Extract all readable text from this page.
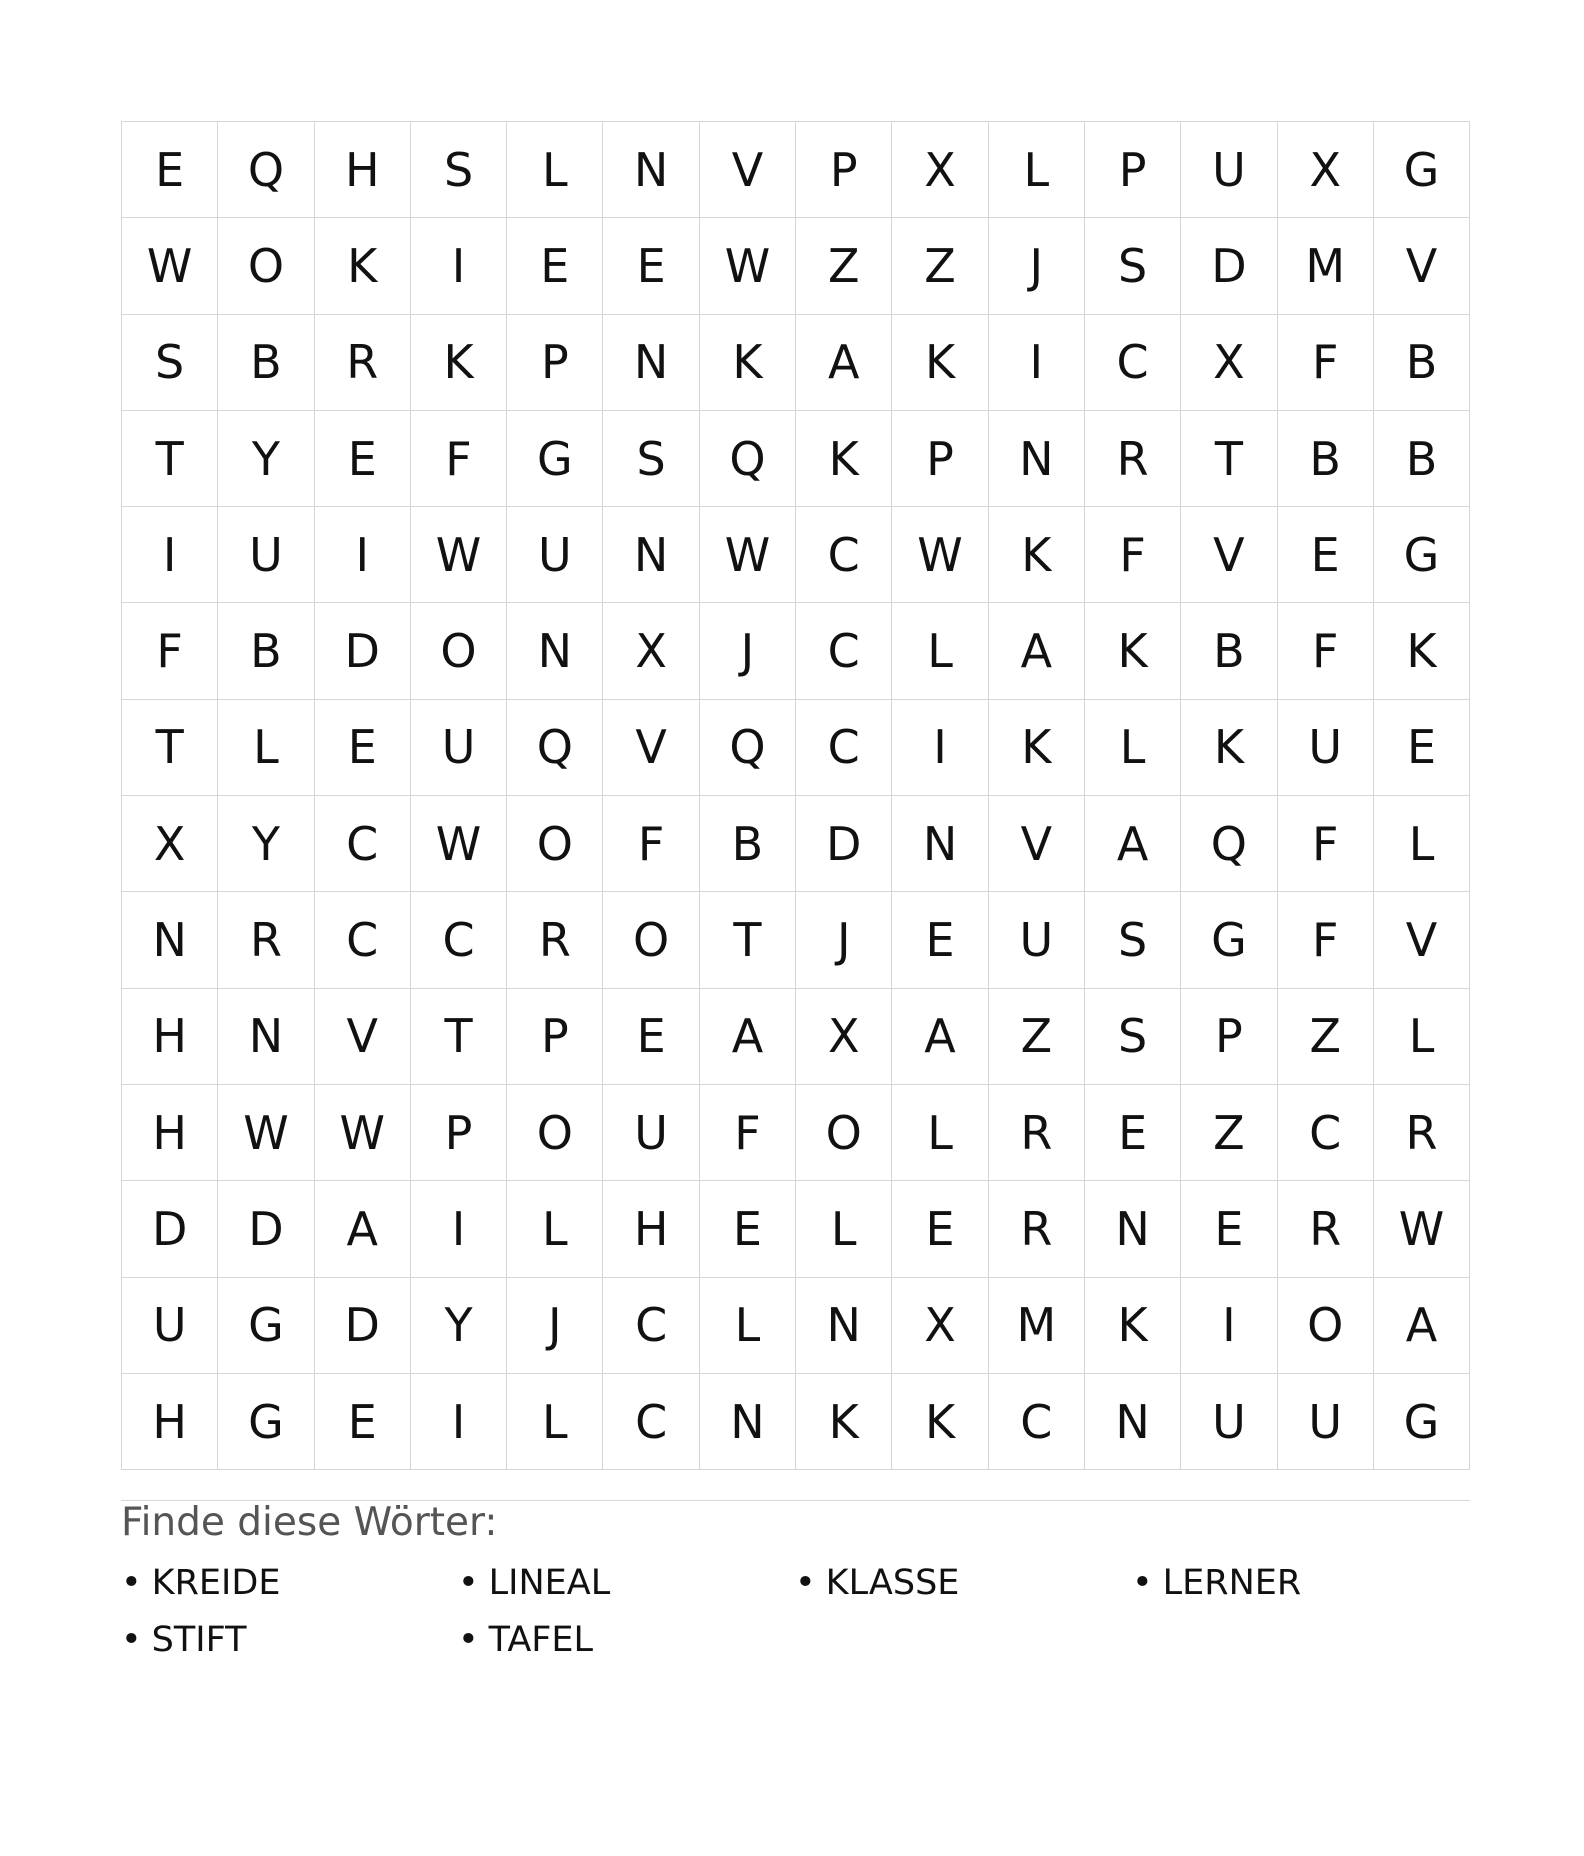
E	Q	H	S	L	N	V	P	X	L	P	U	X	G
W	O	K	I	E	E	W	Z	Z	J	S	D	M	V
S	B	R	K	P	N	K	A	K	I	C	X	F	B
T	Y	E	F	G	S	Q	K	P	N	R	T	B	B
I	U	I	W	U	N	W	C	W	K	F	V	E	G
F	B	D	O	N	X	J	C	L	A	K	B	F	K
T	L	E	U	Q	V	Q	C	I	K	L	K	U	E
X	Y	C	W	O	F	B	D	N	V	A	Q	F	L
N	R	C	C	R	O	T	J	E	U	S	G	F	V
H	N	V	T	P	E	A	X	A	Z	S	P	Z	L
H	W	W	P	O	U	F	O	L	R	E	Z	C	R
D	D	A	I	L	H	E	L	E	R	N	E	R	W
U	G	D	Y	J	C	L	N	X	M	K	I	O	A
H	G	E	I	L	C	N	K	K	C	N	U	U	G
Finde diese Wörter:
• KREIDE	• LINEAL	• KLASSE	• LERNER
• STIFT	• TAFEL
